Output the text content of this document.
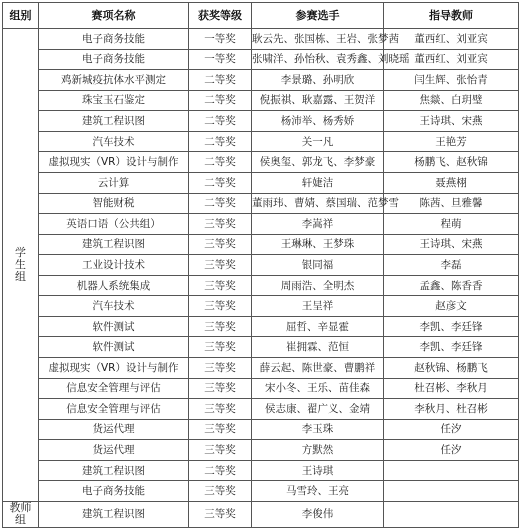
组别	赛项名称	获奖等级	参赛选手	指导教师

学
生
组	电子商务技能	一等奖	耿云先、张国栋、王岩、张梦茜	董西红、刘亚宾
	电子商务技能	一等奖	张啸洋、孙怡秋、袁秀鑫、刘晓瑶	董西红、刘亚宾
	鸡新城疫抗体水平测定	二等奖	李景璐、孙明欣	闫生辉、张怡青
	珠宝玉石鉴定	二等奖	倪振祺、耿嘉露、王贺洋	焦燚、白玥璧
	建筑工程识图	二等奖	杨沛举、杨秀娇	王诗琪、宋燕
	汽车技术	二等奖	关一凡	王艳芳
	虚拟现实（VR）设计与制作	二等奖	侯奥玺、郭龙飞、李梦豪	杨鹏飞、赵秋锦
	云计算	二等奖	轩婕洁	聂燕栩
	智能财税	二等奖	董雨玮、曹婧、蔡国瑞、范梦雪	陈茜、旦雅馨
	英语口语（公共组）	三等奖	李嵩祥	程萌
	建筑工程识图	三等奖	王琳琳、王梦珠	王诗琪、宋燕
	工业设计技术	三等奖	银同福	李磊
	机器人系统集成	三等奖	周雨浩、全明杰	孟鑫、陈香香
	汽车技术	三等奖	王呈祥	赵彦文
	软件测试	三等奖	屈哲、辛显霍	李凯、李廷锋
	软件测试	三等奖	崔拥霖、范恒	李凯、李廷锋
	虚拟现实（VR）设计与制作	三等奖	薛云起、陈世豪、曹鹏祥	赵秋锦、杨鹏飞
	信息安全管理与评估	三等奖	宋小冬、王乐、苗佳森	杜召彬、李秋月
	信息安全管理与评估	三等奖	侯志康、翟广义、金靖	李秋月、杜召彬
	货运代理	三等奖	李玉珠	任汐
	货运代理	三等奖	方默然	任汐
	建筑工程识图	二等奖	王诗琪	
	电子商务技能	三等奖	马雪玲、王亮	

教师
组	建筑工程识图	三等奖	李俊伟	
